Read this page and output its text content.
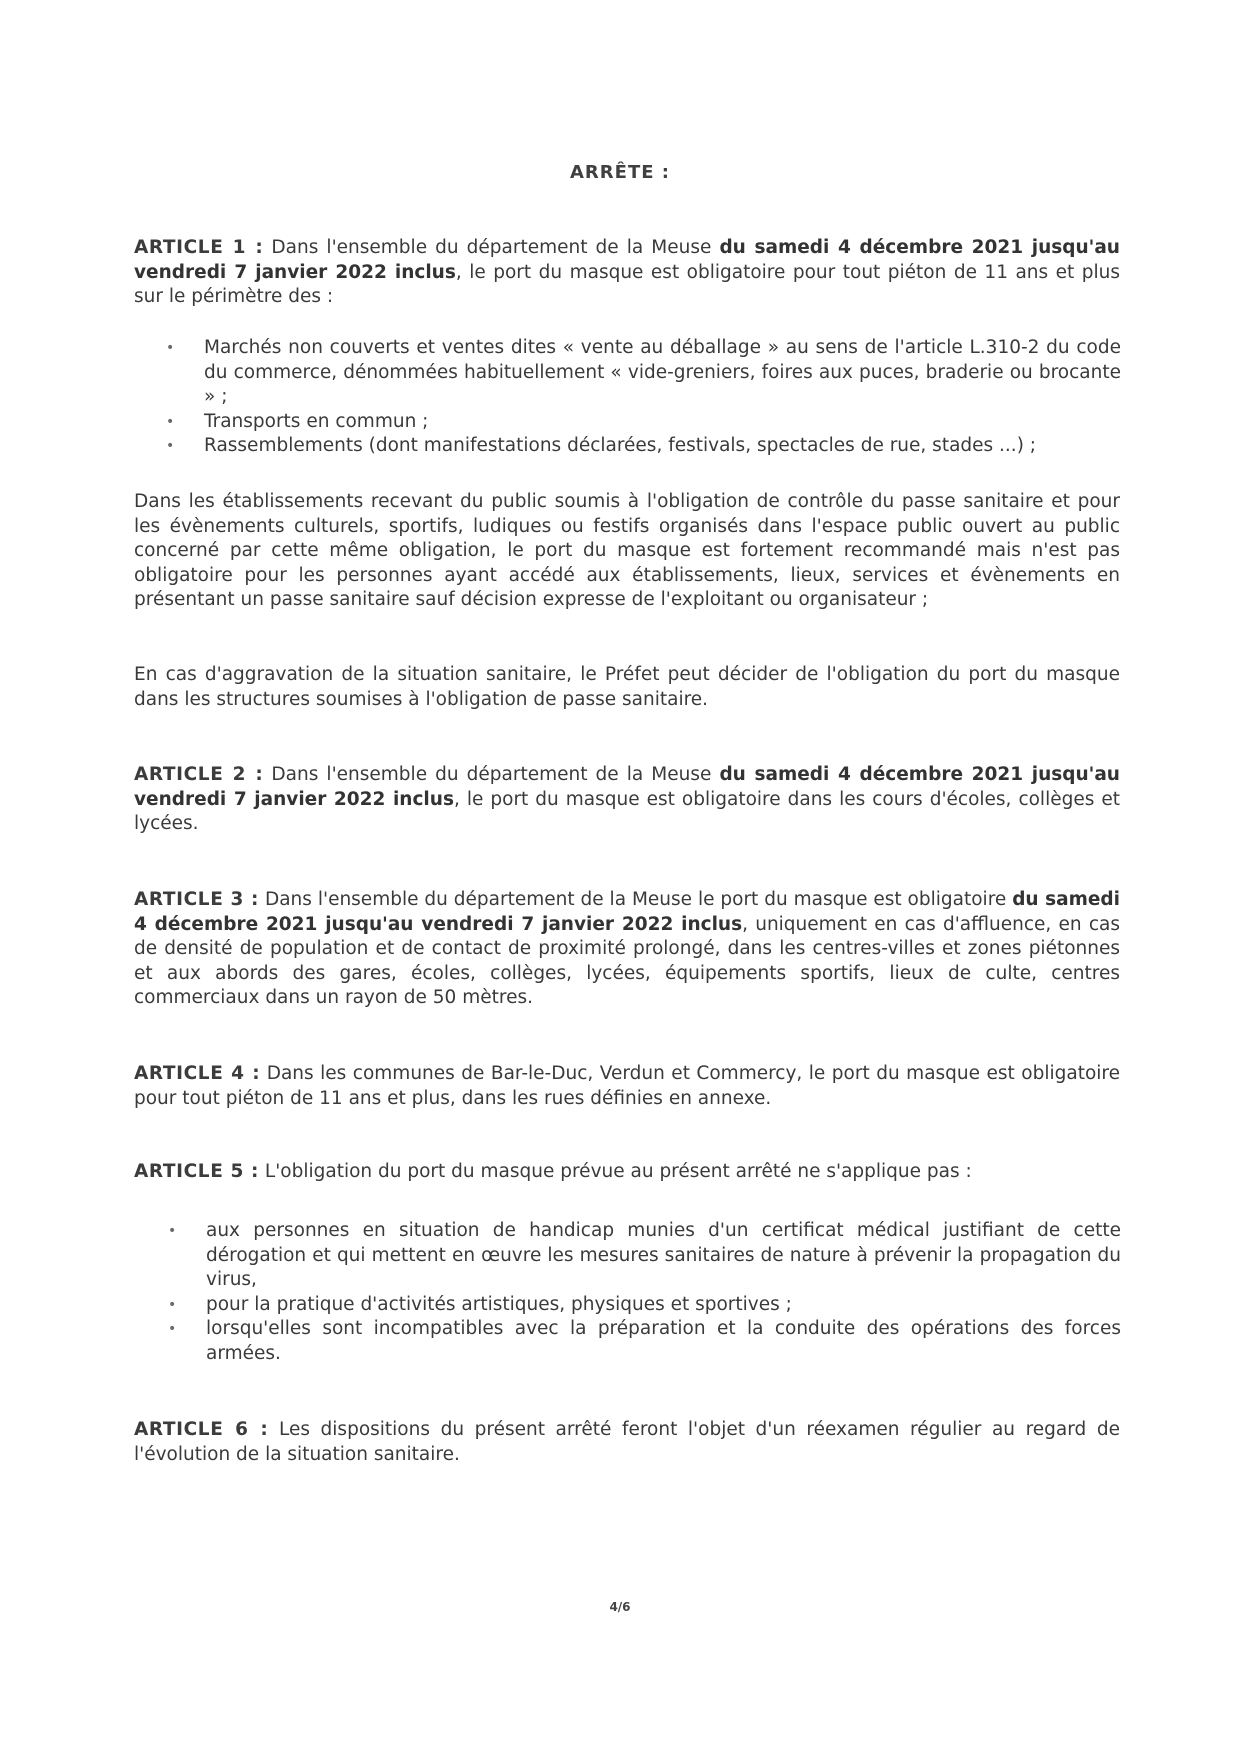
ARRÊTE :

ARTICLE 1 : Dans l'ensemble du département de la Meuse du samedi 4 décembre 2021 jusqu'au vendredi 7 janvier 2022 inclus, le port du masque est obligatoire pour tout piéton de 11 ans et plus sur le périmètre des :

• Marchés non couverts et ventes dites « vente au déballage » au sens de l'article L.310-2 du code du commerce, dénommées habituellement « vide-greniers, foires aux puces, braderie ou brocante » ;
• Transports en commun ;
• Rassemblements (dont manifestations déclarées, festivals, spectacles de rue, stades ...) ;

Dans les établissements recevant du public soumis à l'obligation de contrôle du passe sanitaire et pour les évènements culturels, sportifs, ludiques ou festifs organisés dans l'espace public ouvert au public concerné par cette même obligation, le port du masque est fortement recommandé mais n'est pas obligatoire pour les personnes ayant accédé aux établissements, lieux, services et évènements en présentant un passe sanitaire sauf décision expresse de l'exploitant ou organisateur ;

En cas d'aggravation de la situation sanitaire, le Préfet peut décider de l'obligation du port du masque dans les structures soumises à l'obligation de passe sanitaire.

ARTICLE 2 : Dans l'ensemble du département de la Meuse du samedi 4 décembre 2021 jusqu'au vendredi 7 janvier 2022 inclus, le port du masque est obligatoire dans les cours d'écoles, collèges et lycées.

ARTICLE 3 : Dans l'ensemble du département de la Meuse le port du masque est obligatoire du samedi 4 décembre 2021 jusqu'au vendredi 7 janvier 2022 inclus, uniquement en cas d'affluence, en cas de densité de population et de contact de proximité prolongé, dans les centres-villes et zones piétonnes et aux abords des gares, écoles, collèges, lycées, équipements sportifs, lieux de culte, centres commerciaux dans un rayon de 50 mètres.

ARTICLE 4 : Dans les communes de Bar-le-Duc, Verdun et Commercy, le port du masque est obligatoire pour tout piéton de 11 ans et plus, dans les rues définies en annexe.

ARTICLE 5 : L'obligation du port du masque prévue au présent arrêté ne s'applique pas :

• aux personnes en situation de handicap munies d'un certificat médical justifiant de cette dérogation et qui mettent en œuvre les mesures sanitaires de nature à prévenir la propagation du virus,
• pour la pratique d'activités artistiques, physiques et sportives ;
• lorsqu'elles sont incompatibles avec la préparation et la conduite des opérations des forces armées.

ARTICLE 6 : Les dispositions du présent arrêté feront l'objet d'un réexamen régulier au regard de l'évolution de la situation sanitaire.

4/6
